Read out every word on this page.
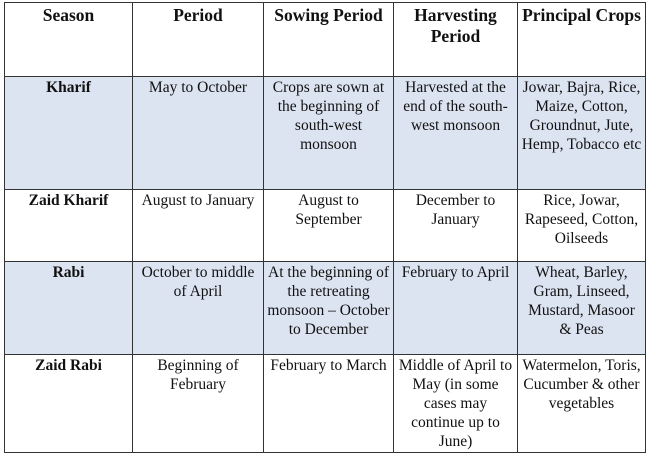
Season	Period	Sowing Period	Harvesting Period	Principal Crops
Kharif	May to October	Crops are sown at the beginning of south-west monsoon	Harvested at the end of the south-west monsoon	Jowar, Bajra, Rice, Maize, Cotton, Groundnut, Jute, Hemp, Tobacco etc
Zaid Kharif	August to January	August to September	December to January	Rice, Jowar, Rapeseed, Cotton, Oilseeds
Rabi	October to middle of April	At the beginning of the retreating monsoon – October to December	February to April	Wheat, Barley, Gram, Linseed, Mustard, Masoor & Peas
Zaid Rabi	Beginning of February	February to March	Middle of April to May (in some cases may continue up to June)	Watermelon, Toris, Cucumber & other vegetables
